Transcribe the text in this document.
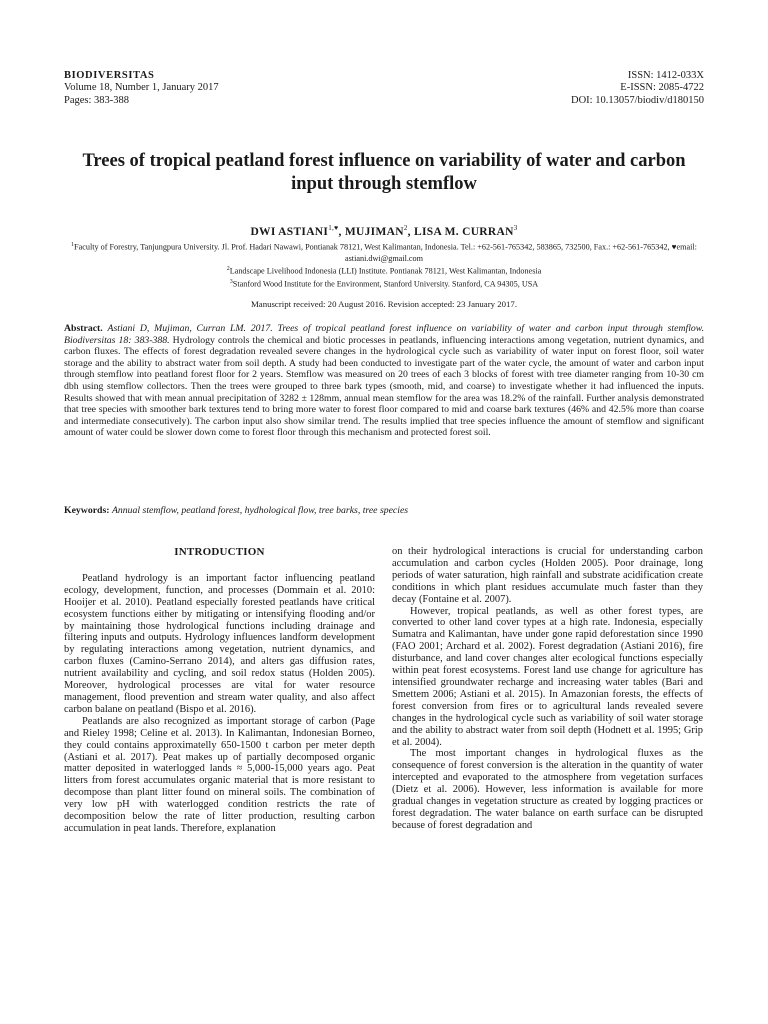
BIODIVERSITAS
Volume 18, Number 1, January 2017
Pages: 383-388
ISSN: 1412-033X
E-ISSN: 2085-4722
DOI: 10.13057/biodiv/d180150
Trees of tropical peatland forest influence on variability of water and carbon input through stemflow
DWI $ASTIANI^{1,♥}$, MUJIMAN$^2$, LISA M. CURRAN$^3$
$^1$Faculty of Forestry, Tanjungpura University. Jl. Prof. Hadari Nawawi, Pontianak 78121, West Kalimantan, Indonesia. Tel.: +62-561-765342, 583865, 732500, Fax.: +62-561-765342, ♥email: astiani.dwi@gmail.com
$^2$Landscape Livelihood Indonesia (LLI) Institute. Pontianak 78121, West Kalimantan, Indonesia
$^3$Stanford Wood Institute for the Environment, Stanford University. Stanford, CA 94305, USA
Manuscript received: 20 August 2016. Revision accepted: 23 January 2017.

Abstract. Astiani D, Mujiman, Curran LM. 2017. Trees of tropical peatland forest influence on variability of water and carbon input through stemflow. Biodiversitas 18: 383-388. Hydrology controls the chemical and biotic processes in peatlands, influencing interactions among vegetation, nutrient dynamics, and carbon fluxes. The effects of forest degradation revealed severe changes in the hydrological cycle such as variability of water input on forest floor, soil water storage and the ability to abstract water from soil depth. A study had been conducted to investigate part of the water cycle, the amount of water and carbon input through stemflow into peatland forest floor for 2 years. Stemflow was measured on 20 trees of each 3 blocks of forest with tree diameter ranging from 10-30 cm dbh using stemflow collectors. Then the trees were grouped to three bark types (smooth, mid, and coarse) to investigate whether it had influenced the inputs. Results showed that with mean annual precipitation of 3282 ± 128mm, annual mean stemflow for the area was 18.2% of the rainfall. Further analysis demonstrated that tree species with smoother bark textures tend to bring more water to forest floor compared to mid and coarse bark textures (46% and 42.5% more than coarse and intermediate consecutively). The carbon input also show similar trend. The results implied that tree species influence the amount of stemflow and significant amount of water could be slower down come to forest floor through this mechanism and protected forest soil.

Keywords: Annual stemflow, peatland forest, hydhological flow, tree barks, tree species
INTRODUCTION

Peatland hydrology is an important factor influencing peatland ecology, development, function, and processes (Dommain et al. 2010: Hooijer et al. 2010). Peatland especially forested peatlands have critical ecosystem functions either by mitigating or intensifying flooding and/or by maintaining those hydrological functions including drainage and filtering inputs and outputs. Hydrology influences landform development by regulating interactions among vegetation, nutrient dynamics, and carbon fluxes (Camino-Serrano 2014), and alters gas diffusion rates, nutrient availability and cycling, and soil redox status (Holden 2005). Moreover, hydrological processes are vital for water resource management, flood prevention and stream water quality, and also affect carbon balane on peatland (Bispo et al. 2016).

Peatlands are also recognized as important storage of carbon (Page and Rieley 1998; Celine et al. 2013). In Kalimantan, Indonesian Borneo, they could contains approximatelly 650-1500 t carbon per meter depth (Astiani et al. 2017). Peat makes up of partially decomposed organic matter deposited in waterlogged lands ≈ 5,000-15,000 years ago. Peat litters from forest accumulates organic material that is more resistant to decompose than plant litter found on mineral soils. The combination of very low pH with waterlogged condition restricts the rate of decomposition below the rate of litter production, resulting carbon accumulation in peat lands. Therefore, explanation

on their hydrological interactions is crucial for understanding carbon accumulation and carbon cycles (Holden 2005). Poor drainage, long periods of water saturation, high rainfall and substrate acidification create conditions in which plant residues accumulate much faster than they decay (Fontaine et al. 2007).

However, tropical peatlands, as well as other forest types, are converted to other land cover types at a high rate. Indonesia, especially Sumatra and Kalimantan, have under gone rapid deforestation since 1990 (FAO 2001; Archard et al. 2002). Forest degradation (Astiani 2016), fire disturbance, and land cover changes alter ecological functions especially within peat forest ecosystems. Forest land use change for agriculture has intensified groundwater recharge and increasing water tables (Bari and Smettem 2006; Astiani et al. 2015). In Amazonian forests, the effects of forest conversion from fires or to agricultural lands revealed severe changes in the hydrological cycle such as variability of soil water storage and the ability to abstract water from soil depth (Hodnett et al. 1995; Grip et al. 2004).

The most important changes in hydrological fluxes as the consequence of forest conversion is the alteration in the quantity of water intercepted and evaporated to the atmosphere from vegetation surfaces (Dietz et al. 2006). However, less information is available for more gradual changes in vegetation structure as created by logging practices or forest degradation. The water balance on earth surface can be disrupted because of forest degradation and
